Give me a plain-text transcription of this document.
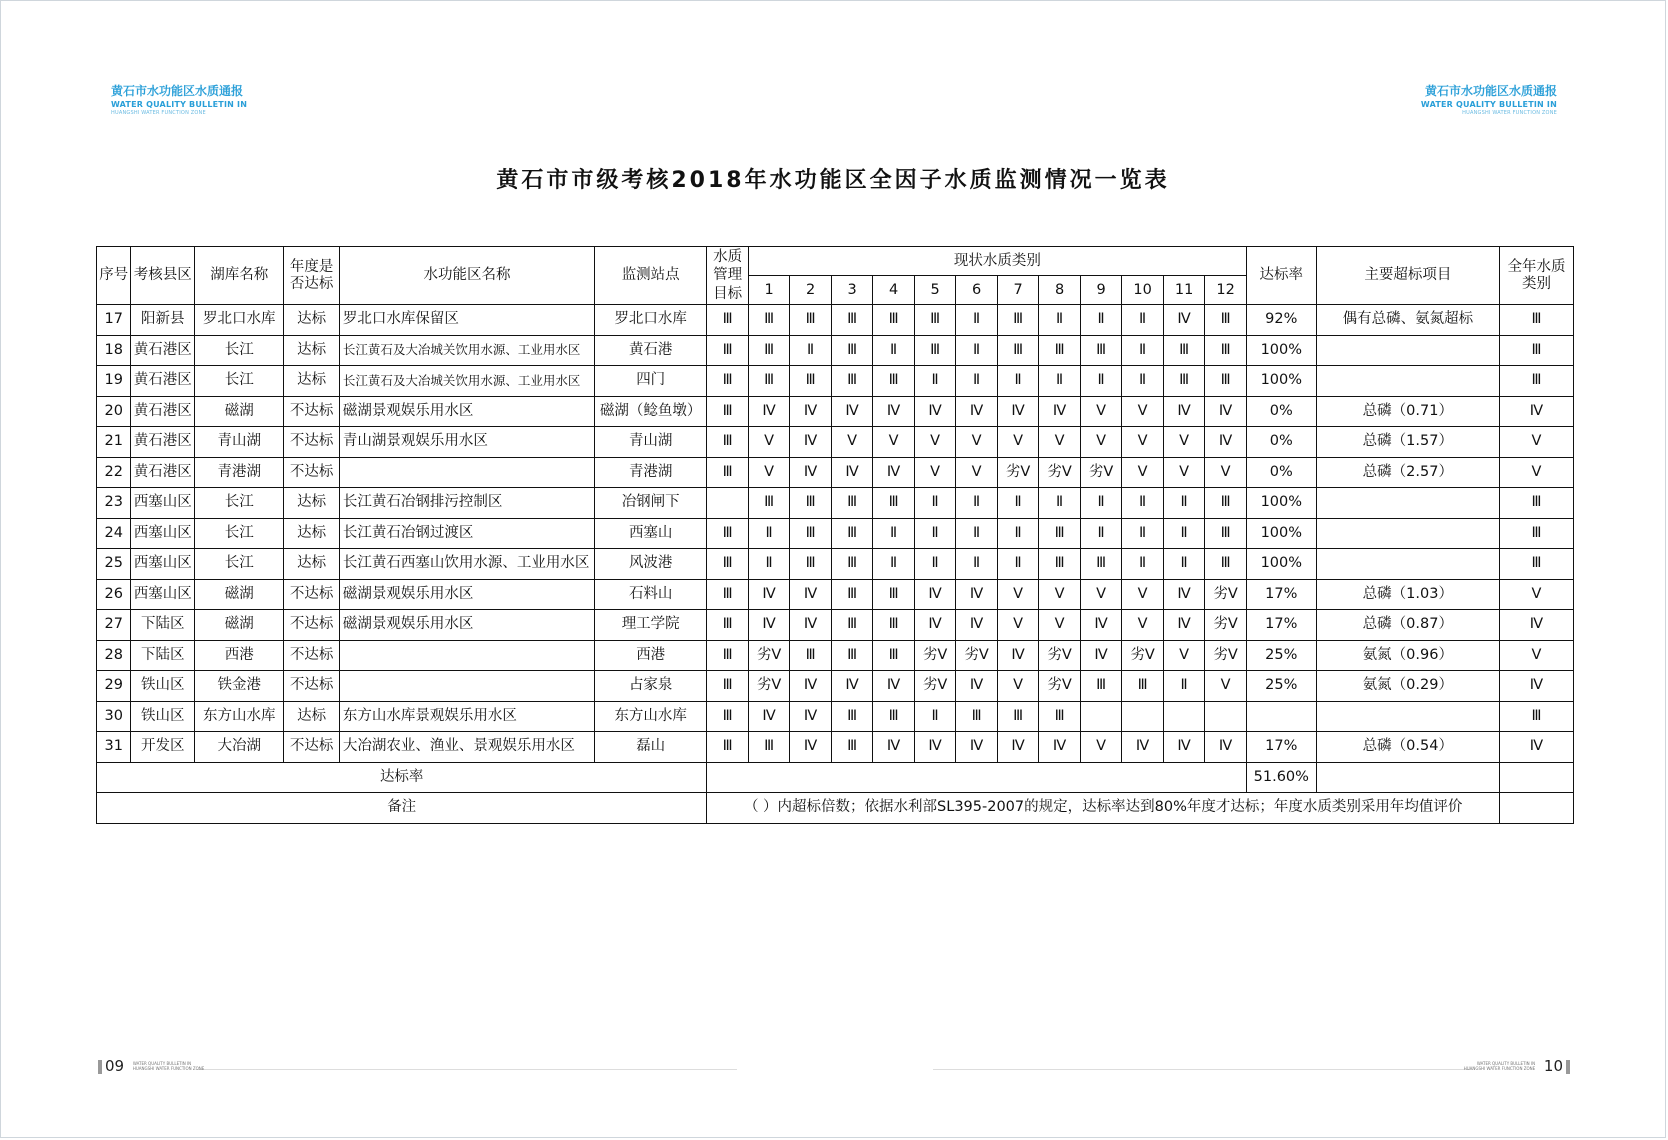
黄石市水功能区水质通报
WATER QUALITY BULLETIN IN
HUANGSHI WATER FUNCTION ZONE
黄石市水功能区水质通报
WATER QUALITY BULLETIN IN
HUANGSHI WATER FUNCTION ZONE
黄石市市级考核2018年水功能区全因子水质监测情况一览表
序号	考核县区	湖库名称	年度是否达标	水功能区名称	监测站点	水质管理目标	现状水质类别												达标率	主要超标项目	全年水质类别
							1	2	3	4	5	6	7	8	9	10	11	12			
17	阳新县	罗北口水库	达标	罗北口水库保留区	罗北口水库	Ⅲ	Ⅲ	Ⅲ	Ⅲ	Ⅲ	Ⅲ	Ⅱ	Ⅲ	Ⅱ	Ⅱ	Ⅱ	Ⅳ	Ⅲ	92%	偶有总磷、氨氮超标	Ⅲ
18	黄石港区	长江	达标	长江黄石及大冶城关饮用水源、工业用水区	黄石港	Ⅲ	Ⅲ	Ⅱ	Ⅲ	Ⅱ	Ⅲ	Ⅱ	Ⅲ	Ⅲ	Ⅲ	Ⅱ	Ⅲ	Ⅲ	100%		Ⅲ
19	黄石港区	长江	达标	长江黄石及大冶城关饮用水源、工业用水区	四门	Ⅲ	Ⅲ	Ⅲ	Ⅲ	Ⅲ	Ⅱ	Ⅱ	Ⅱ	Ⅱ	Ⅱ	Ⅱ	Ⅲ	Ⅲ	100%		Ⅲ
20	黄石港区	磁湖	不达标	磁湖景观娱乐用水区	磁湖（鲶鱼墩）	Ⅲ	Ⅳ	Ⅳ	Ⅳ	Ⅳ	Ⅳ	Ⅳ	Ⅳ	Ⅳ	Ⅴ	Ⅴ	Ⅳ	Ⅳ	0%	总磷（0.71）	Ⅳ
21	黄石港区	青山湖	不达标	青山湖景观娱乐用水区	青山湖	Ⅲ	Ⅴ	Ⅳ	Ⅴ	Ⅴ	Ⅴ	Ⅴ	Ⅴ	Ⅴ	Ⅴ	Ⅴ	Ⅴ	Ⅳ	0%	总磷（1.57）	Ⅴ
22	黄石港区	青港湖	不达标		青港湖	Ⅲ	Ⅴ	Ⅳ	Ⅳ	Ⅳ	Ⅴ	Ⅴ	劣Ⅴ	劣Ⅴ	劣Ⅴ	Ⅴ	Ⅴ	Ⅴ	0%	总磷（2.57）	Ⅴ
23	西塞山区	长江	达标	长江黄石冶钢排污控制区	冶钢闸下		Ⅲ	Ⅲ	Ⅲ	Ⅲ	Ⅱ	Ⅱ	Ⅱ	Ⅱ	Ⅱ	Ⅱ	Ⅱ	Ⅲ	100%		Ⅲ
24	西塞山区	长江	达标	长江黄石冶钢过渡区	西塞山	Ⅲ	Ⅱ	Ⅲ	Ⅲ	Ⅱ	Ⅱ	Ⅱ	Ⅱ	Ⅲ	Ⅱ	Ⅱ	Ⅱ	Ⅲ	100%		Ⅲ
25	西塞山区	长江	达标	长江黄石西塞山饮用水源、工业用水区	风波港	Ⅲ	Ⅱ	Ⅲ	Ⅲ	Ⅱ	Ⅱ	Ⅱ	Ⅱ	Ⅲ	Ⅲ	Ⅱ	Ⅱ	Ⅲ	100%		Ⅲ
26	西塞山区	磁湖	不达标	磁湖景观娱乐用水区	石料山	Ⅲ	Ⅳ	Ⅳ	Ⅲ	Ⅲ	Ⅳ	Ⅳ	Ⅴ	Ⅴ	Ⅴ	Ⅴ	Ⅳ	劣Ⅴ	17%	总磷（1.03）	Ⅴ
27	下陆区	磁湖	不达标	磁湖景观娱乐用水区	理工学院	Ⅲ	Ⅳ	Ⅳ	Ⅲ	Ⅲ	Ⅳ	Ⅳ	Ⅴ	Ⅴ	Ⅳ	Ⅴ	Ⅳ	劣Ⅴ	17%	总磷（0.87）	Ⅳ
28	下陆区	西港	不达标		西港	Ⅲ	劣Ⅴ	Ⅲ	Ⅲ	Ⅲ	劣Ⅴ	劣Ⅴ	Ⅳ	劣Ⅴ	Ⅳ	劣Ⅴ	Ⅴ	劣Ⅴ	25%	氨氮（0.96）	Ⅴ
29	铁山区	铁金港	不达标		占家泉	Ⅲ	劣Ⅴ	Ⅳ	Ⅳ	Ⅳ	劣Ⅴ	Ⅳ	Ⅴ	劣Ⅴ	Ⅲ	Ⅲ	Ⅱ	Ⅴ	25%	氨氮（0.29）	Ⅳ
30	铁山区	东方山水库	达标	东方山水库景观娱乐用水区	东方山水库	Ⅲ	Ⅳ	Ⅳ	Ⅲ	Ⅲ	Ⅱ	Ⅲ	Ⅲ	Ⅲ							Ⅲ
31	开发区	大冶湖	不达标	大冶湖农业、渔业、景观娱乐用水区	磊山	Ⅲ	Ⅲ	Ⅳ	Ⅲ	Ⅳ	Ⅳ	Ⅳ	Ⅳ	Ⅳ	Ⅴ	Ⅳ	Ⅳ	Ⅳ	17%	总磷（0.54）	Ⅳ
达标率																			51.60%		
备注						（ ）内超标倍数；依据水利部SL395-2007的规定，达标率达到80%年度才达标；年度水质类别采用年均值评价															
09 WATER QUALITY BULLETIN IN
HUANGSHI WATER FUNCTION ZONE
WATER QUALITY BULLETIN IN
HUANGSHI WATER FUNCTION ZONE 10
